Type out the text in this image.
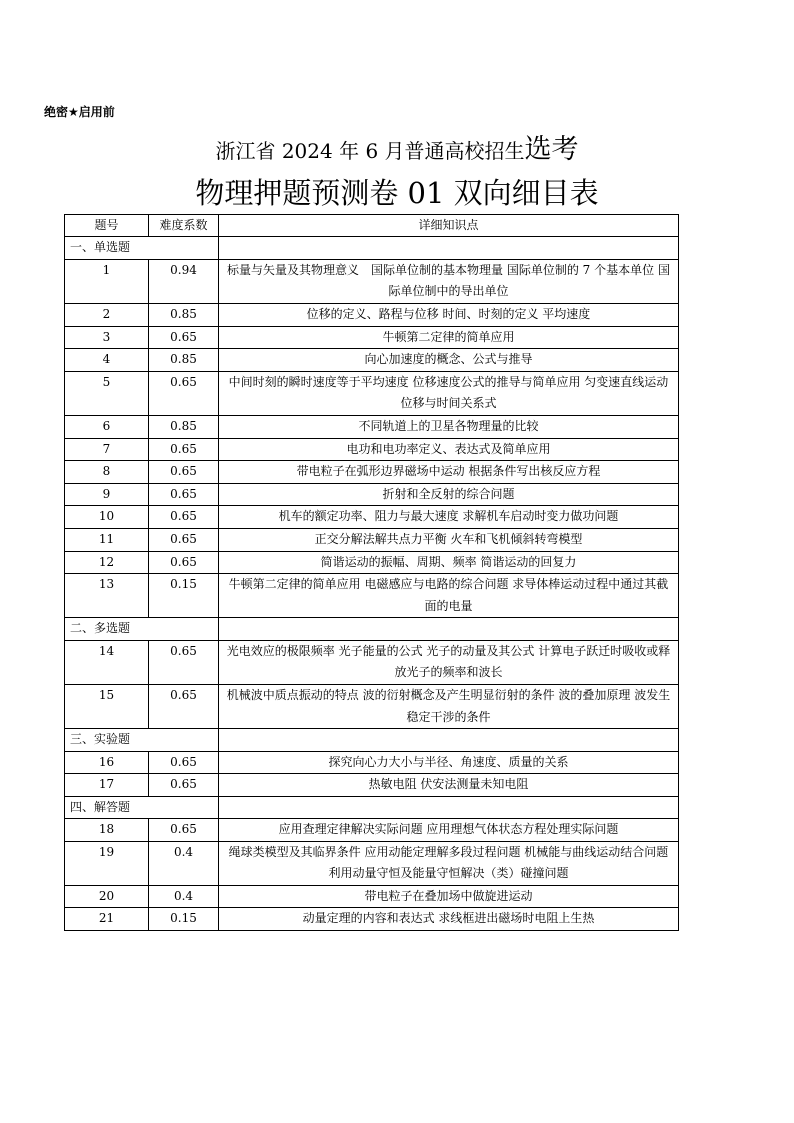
绝密★启用前
浙江省 2024 年 6 月普通高校招生选考
物理押题预测卷 01 双向细目表
题号	难度系数	详细知识点
一、单选题		
1	0.94	标量与矢量及其物理意义　国际单位制的基本物理量 国际单位制的 7 个基本单位 国际单位制中的导出单位
2	0.85	位移的定义、路程与位移 时间、时刻的定义 平均速度
3	0.65	牛顿第二定律的简单应用
4	0.85	向心加速度的概念、公式与推导
5	0.65	中间时刻的瞬时速度等于平均速度 位移速度公式的推导与简单应用 匀变速直线运动位移与时间关系式
6	0.85	不同轨道上的卫星各物理量的比较
7	0.65	电功和电功率定义、表达式及简单应用
8	0.65	带电粒子在弧形边界磁场中运动 根据条件写出核反应方程
9	0.65	折射和全反射的综合问题
10	0.65	机车的额定功率、阻力与最大速度 求解机车启动时变力做功问题
11	0.65	正交分解法解共点力平衡 火车和飞机倾斜转弯模型
12	0.65	简谐运动的振幅、周期、频率 简谐运动的回复力
13	0.15	牛顿第二定律的简单应用 电磁感应与电路的综合问题 求导体棒运动过程中通过其截面的电量
二、多选题		
14	0.65	光电效应的极限频率 光子能量的公式 光子的动量及其公式 计算电子跃迁时吸收或释放光子的频率和波长
15	0.65	机械波中质点振动的特点 波的衍射概念及产生明显衍射的条件 波的叠加原理 波发生稳定干涉的条件
三、实验题		
16	0.65	探究向心力大小与半径、角速度、质量的关系
17	0.65	热敏电阻 伏安法测量未知电阻
四、解答题		
18	0.65	应用查理定律解决实际问题 应用理想气体状态方程处理实际问题
19	0.4	绳球类模型及其临界条件 应用动能定理解多段过程问题 机械能与曲线运动结合问题 利用动量守恒及能量守恒解决（类）碰撞问题
20	0.4	带电粒子在叠加场中做旋进运动
21	0.15	动量定理的内容和表达式 求线框进出磁场时电阻上生热
